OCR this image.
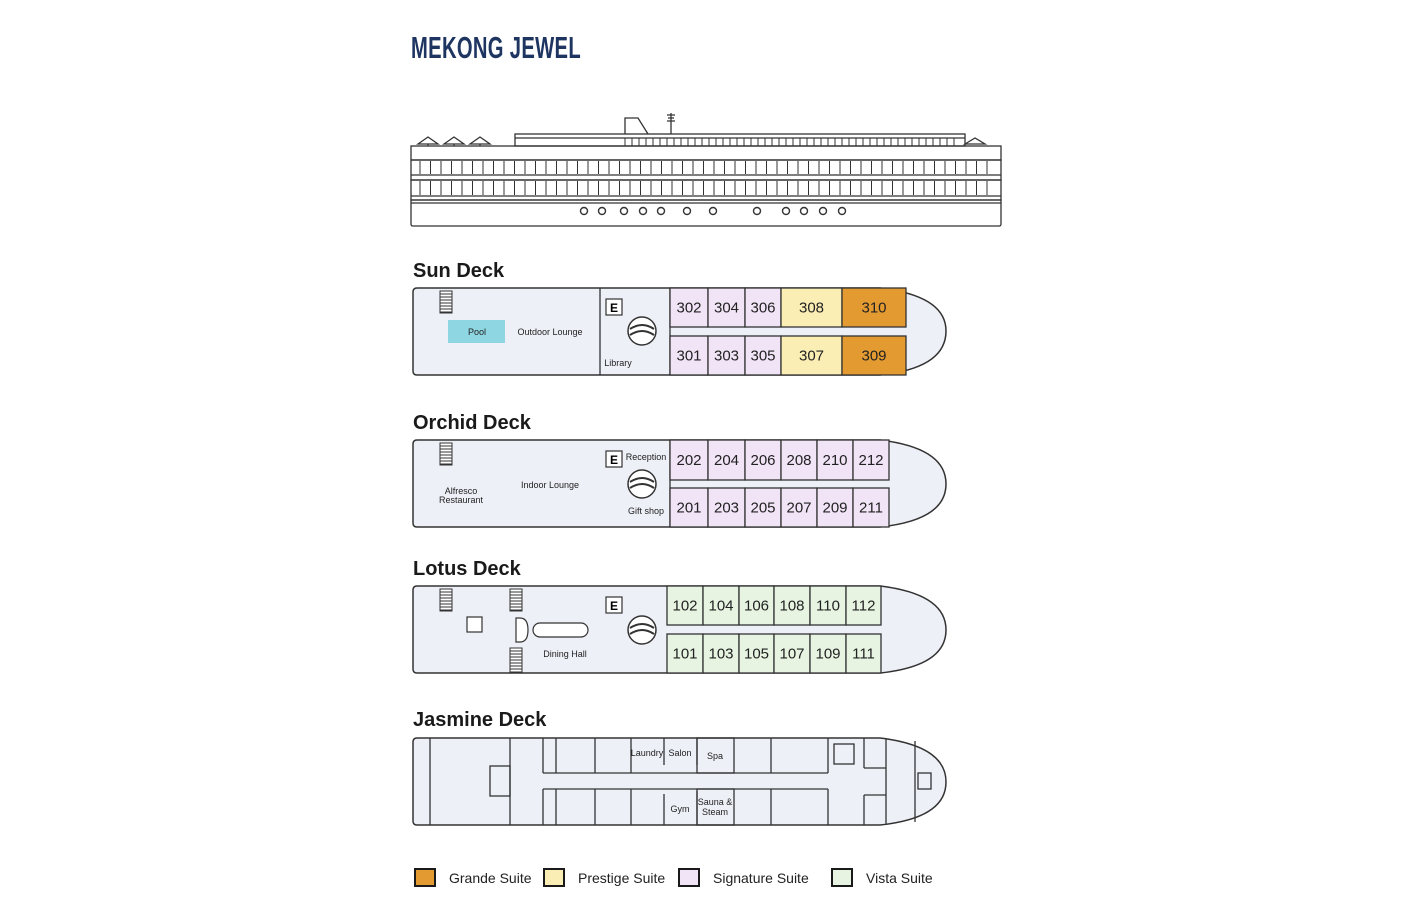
MEKONG JEWEL
Sun Deck
Pool	Outdoor Lounge
E
Library
302 304 306 308 310
301 303 305 307 309
Orchid Deck
Alfresco
Restaurant
Indoor Lounge
E Reception
Gift shop
202 204 206 208 210 212
201 203 205 207 209 211
Lotus Deck
Dining Hall
E	102 104 106 108 110 112
101 103 105 107 109 111
Jasmine Deck
Laundry Salon Spa
Gym
Sauna &
Steam
Grande Suite	Prestige Suite	Signature Suite	Vista Suite
